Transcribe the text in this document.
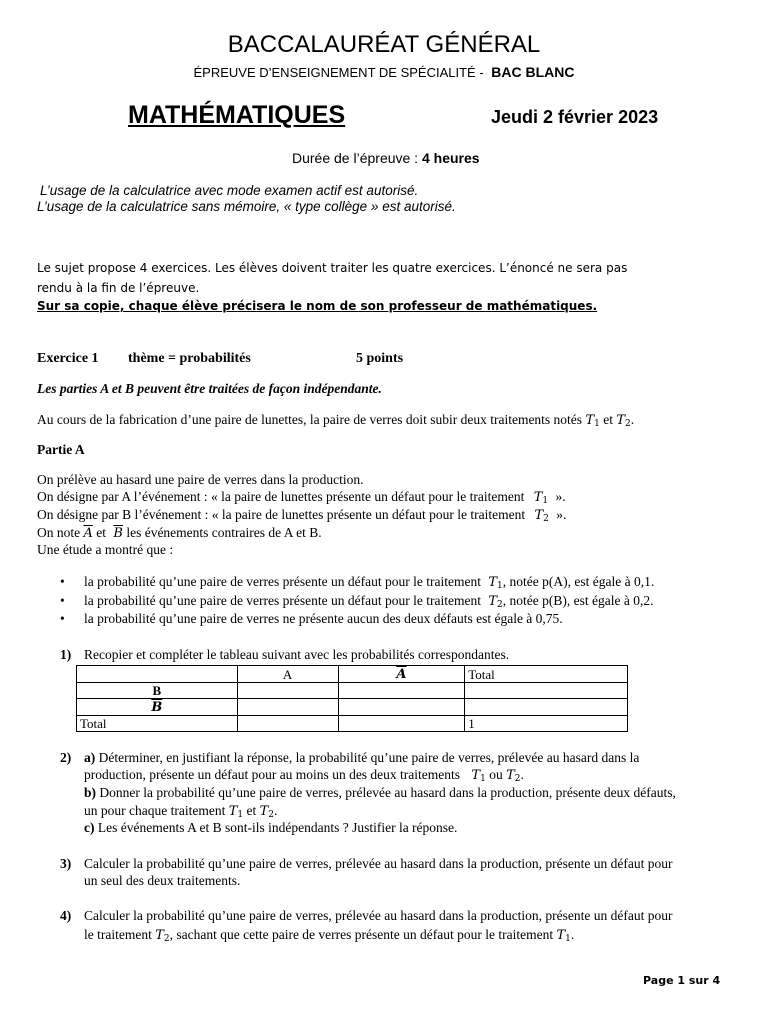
BACCALAURÉAT GÉNÉRAL
ÉPREUVE D’ENSEIGNEMENT DE SPÉCIALITÉ - BAC BLANC
MATHÉMATIQUES	Jeudi 2 février 2023
Durée de l’épreuve : 4 heures
L’usage de la calculatrice avec mode examen actif est autorisé.
L’usage de la calculatrice sans mémoire, « type collège » est autorisé.
Le sujet propose 4 exercices. Les élèves doivent traiter les quatre exercices. L’énoncé ne sera pas
rendu à la fin de l’épreuve.
Sur sa copie, chaque élève précisera le nom de son professeur de mathématiques.
Exercice 1 thème = probabilités	5 points
Les parties A et B peuvent être traitées de façon indépendante.
Au cours de la fabrication d’une paire de lunettes, la paire de verres doit subir deux traitements notés $T_1$ et $T_2$.
Partie A
On prélève au hasard une paire de verres dans la production.
On désigne par A l’événement : « la paire de lunettes présente un défaut pour le traitement $T_1$ ».
On désigne par B l’événement : « la paire de lunettes présente un défaut pour le traitement $T_2$ ».
On note $\overline{A}$ et $\overline{B}$ les événements contraires de A et B.
Une étude a montré que :
• la probabilité qu’une paire de verres présente un défaut pour le traitement $T_1$, notée p(A), est égale à 0,1.
• la probabilité qu’une paire de verres présente un défaut pour le traitement $T_2$, notée p(B), est égale à 0,2.
• la probabilité qu’une paire de verres ne présente aucun des deux défauts est égale à 0,75.
1) Recopier et compléter le tableau suivant avec les probabilités correspondantes.
	A	$\overline{A}$	Total
B			
$\overline{B}$			
Total			1
2) a) Déterminer, en justifiant la réponse, la probabilité qu’une paire de verres, prélevée au hasard dans la
production, présente un défaut pour au moins un des deux traitements $T_1$ ou $T_2$.
b) Donner la probabilité qu’une paire de verres, prélevée au hasard dans la production, présente deux défauts,
un pour chaque traitement $T_1$ et $T_2$.
c) Les événements A et B sont-ils indépendants ? Justifier la réponse.
3) Calculer la probabilité qu’une paire de verres, prélevée au hasard dans la production, présente un défaut pour
un seul des deux traitements.
4) Calculer la probabilité qu’une paire de verres, prélevée au hasard dans la production, présente un défaut pour
le traitement $T_2$, sachant que cette paire de verres présente un défaut pour le traitement $T_1$.
Page 1 sur 4
